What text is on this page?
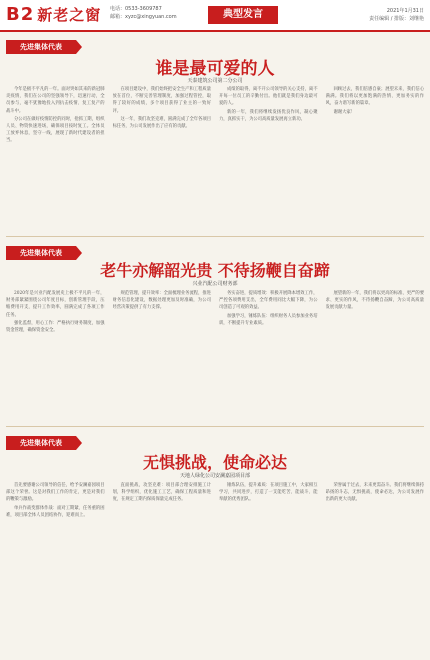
B2 新老之窗 电话：0533-3609787
邮箱：xyzc@xingyuan.com	典型发言	2021年1月31日
责任编辑 / 排版：刘继艳
先进集体代表
谁是最可爱的人
天泰建筑公司第二分公司

今年是极不平凡的一年。面对突如其来的新冠肺炎疫情，我们在公司的坚强领导下，迅速行动，全员参与，毫不犹豫地投入到抗击疫情、复工复产的战斗中。

分公司在做好疫情防控的同时，抢抓工期，组织人员、物资快速进场，确保项目按时复工。全体员工放弃休息，坚守一线，展现了新时代建设者的担当。

在项目建设中，我们始终把安全生产和工程质量放在首位，不断完善管理制度，加强过程管控，取得了较好的成绩，多个项目获得了业主的一致好评。

这一年，我们攻坚克难，圆满完成了全年各项目标任务，为公司发展作出了应有的贡献。

成绩的取得，离不开公司领导的关心支持，离不开每一位员工的辛勤付出。他们就是我们身边最可爱的人。

新的一年，我们将继续发扬优良作风，凝心聚力，真抓实干，为公司高质量发展再立新功。

回顾过去，我们倍感自豪；展望未来，我们信心满满。我们将以更加饱满的热情、更加务实的作风，奋力谱写新的篇章。

谢谢大家！

先进集体代表
老牛亦解韶光贵 不待扬鞭自奋蹄
兴业汽配公司财务部

2020年是兴业汽配发展史上极不平凡的一年，财务部紧紧围绕公司年度目标，创新管理手段，压缩费用开支，提升工作效率，圆满完成了各项工作任务。

强化监督，用心工作：严格执行财务制度，加强资金管理，确保资金安全。

规范管理，提升效率：全面梳理业务流程，推进财务信息化建设，数据处理更加及时准确，为公司经营决策提供了有力支撑。

务实奋进，提质增效：积极开展降本增效工作，严控各项费用支出，全年费用同比大幅下降，为公司创造了可观的效益。

加强学习，锤炼队伍：组织财务人员参加业务培训，不断提升专业素质。

展望新的一年，我们将以更高的标准、更严的要求、更实的作风，不待扬鞭自奋蹄，为公司高质量发展贡献力量。

先进集体代表
无惧挑战，使命必达
天地人绿化公司安澜嘉园项目部

首先要感谢公司领导的信任，给予安澜嘉园项目部这个荣誉。这是对我们工作的肯定，更是对我们的鞭策与激励。

单兵作战变群体作战：面对工期紧、任务重的困难，项目部全体人员团结协作，迎难而上。

直面挑战，攻坚克难：项目部合理安排施工计划，科学组织，优化施工工艺，确保工程质量和进度，在规定工期内保质保量完成任务。

锤炼队伍，提升素质：在项目施工中，大家相互学习，共同进步，打造了一支能吃苦、能战斗、能奉献的优秀团队。

荣誉属于过去，未来更需奋斗。我们将继续保持昂扬的斗志，无惧挑战，使命必达，为公司发展作出新的更大贡献。
